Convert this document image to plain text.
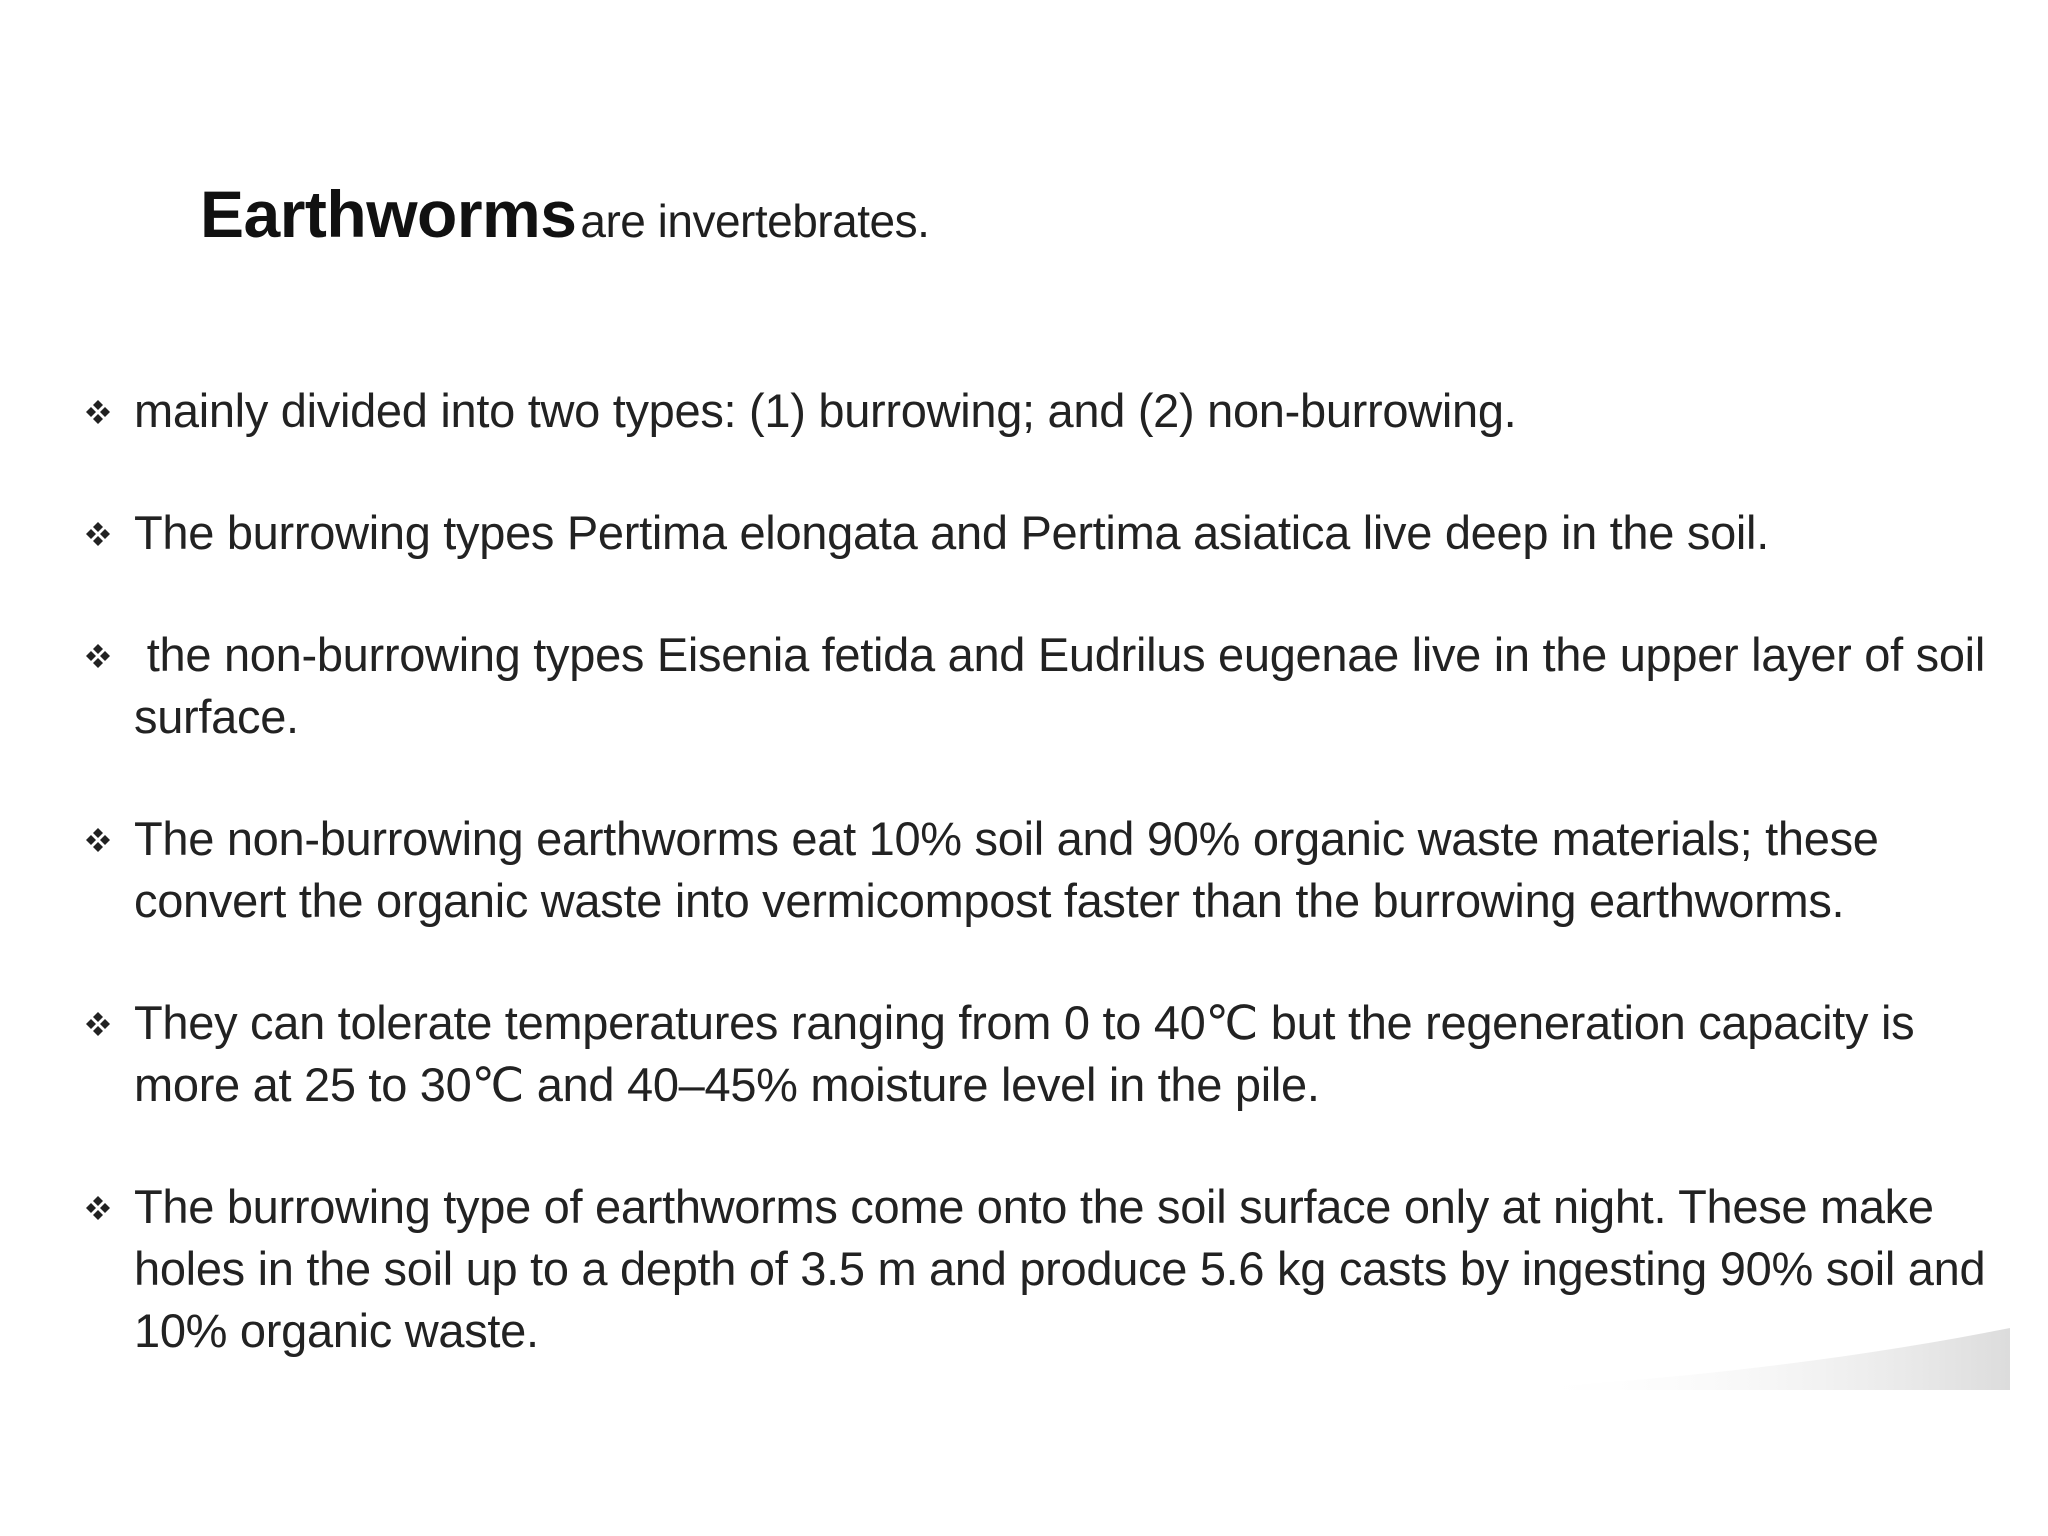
Earthworms are invertebrates.
mainly divided into two types: (1) burrowing; and (2) non-burrowing.
The burrowing types Pertima elongata and Pertima asiatica live deep in the soil.
the non-burrowing types Eisenia fetida and Eudrilus eugenae live in the upper layer of soil surface.
The non-burrowing earthworms eat 10% soil and 90% organic waste materials; these convert the organic waste into vermicompost faster than the burrowing earthworms.
They can tolerate temperatures ranging from 0 to 40℃ but the regeneration capacity is more at 25 to 30℃ and 40–45% moisture level in the pile.
The burrowing type of earthworms come onto the soil surface only at night. These make holes in the soil up to a depth of 3.5 m and produce 5.6 kg casts by ingesting 90% soil and 10% organic waste.
